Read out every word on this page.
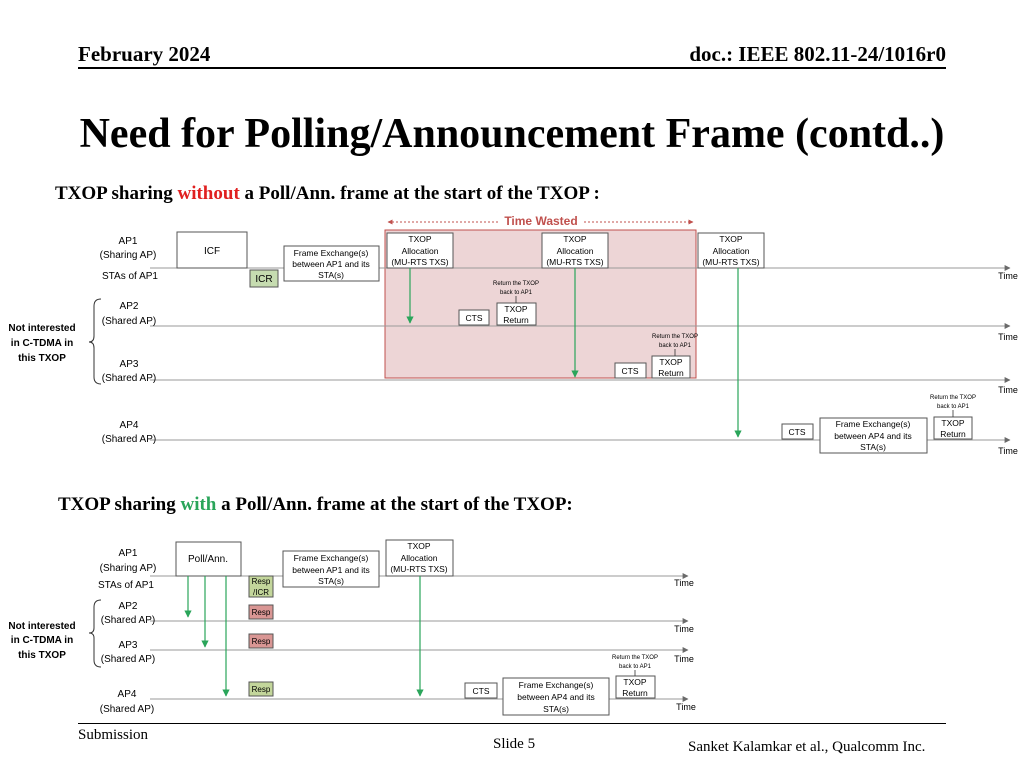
February 2024	doc.: IEEE 802.11-24/1016r0
Need for Polling/Announcement Frame (contd..)
TXOP sharing without a Poll/Ann. frame at the start of the TXOP :
TXOP sharing with a Poll/Ann. frame at the start of the TXOP:
Time Wasted
Time
Time
Time
Time
AP1
(Sharing AP)
STAs of AP1
AP2
(Shared AP)
AP3
(Shared AP)
AP4
(Shared AP)
Not interested
in C-TDMA in
this TXOP
ICF
ICR
Frame Exchange(s)
between AP1 and its
STA(s)
TXOP
Allocation
(MU-RTS TXS)
TXOP
Allocation
(MU-RTS TXS)
TXOP
Allocation
(MU-RTS TXS)
CTS
TXOP
Return
Return the TXOP
back to AP1
CTS
TXOP
Return
Return the TXOP
back to AP1
CTS
Frame Exchange(s)
between AP4 and its
STA(s)
TXOP
Return
Return the TXOP
back to AP1
Time
Time
Time
Time
AP1
(Sharing AP)
STAs of AP1
AP2
(Shared AP)
AP3
(Shared AP)
AP4
(Shared AP)
Not interested
in C-TDMA in
this TXOP
Poll/Ann.
Resp
/ICR
Resp
Resp
Resp
Frame Exchange(s)
between AP1 and its
STA(s)
TXOP
Allocation
(MU-RTS TXS)
CTS
Frame Exchange(s)
between AP4 and its
STA(s)
TXOP
Return
Return the TXOP
back to AP1
Submission
Slide 5	Sanket Kalamkar et al., Qualcomm Inc.
